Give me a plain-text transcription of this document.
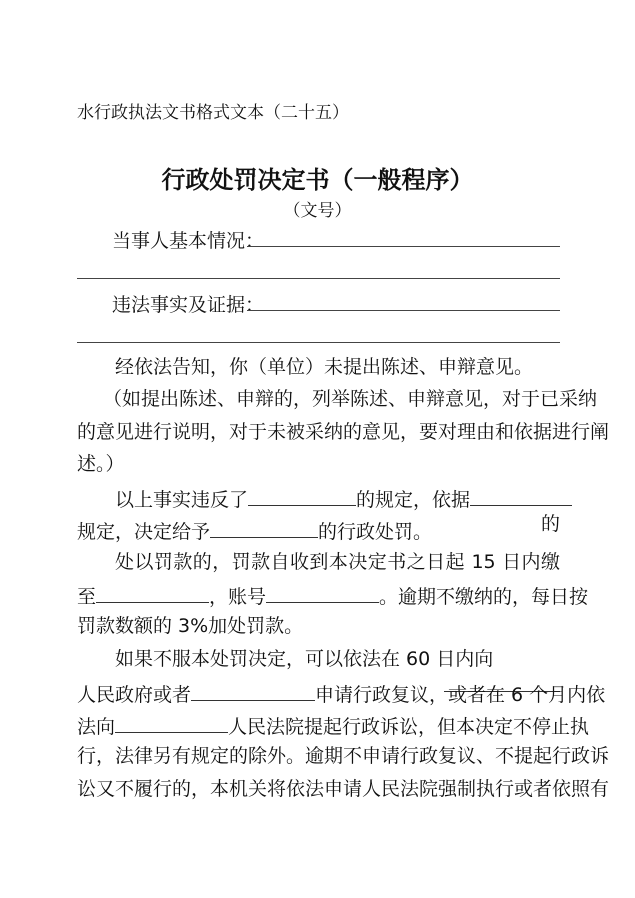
水行政执法文书格式文本（二十五）
行政处罚决定书（一般程序）
（文号）
当事人基本情况：
违法事实及证据：
经依法告知，你（单位）未提出陈述、申辩意见。
（如提出陈述、申辩的，列举陈述、申辩意见，对于已采纳
的意见进行说明，对于未被采纳的意见，要对理由和依据进行阐
述。）
以上事实违反了	的规定，依据
的
规定，决定给予	的行政处罚。
处以罚款的，罚款自收到本决定书之日起 15 日内缴
至	，账号	。逾期不缴纳的，每日按
罚款数额的 3%加处罚款。
如果不服本处罚决定，可以依法在 60 日内向
人民政府或者	申请行政复议，或者在 6 个月内依
法向	人民法院提起行政诉讼，但本决定不停止执
行，法律另有规定的除外。逾期不申请行政复议、不提起行政诉
讼又不履行的，本机关将依法申请人民法院强制执行或者依照有
